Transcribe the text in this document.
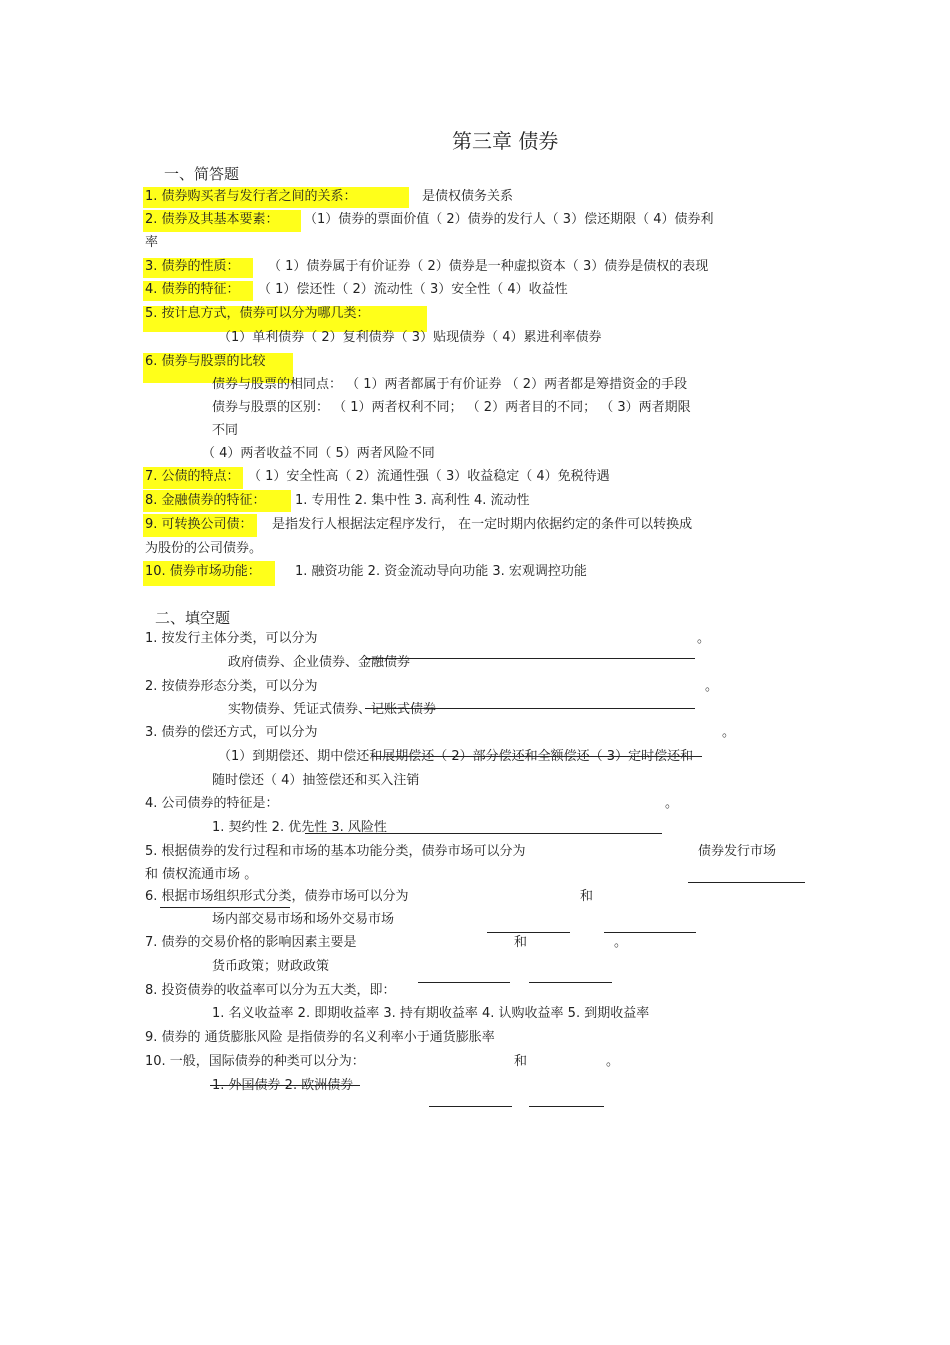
第三章 债券
一、简答题
1. 债券购买者与发行者之间的关系：	是债权债务关系
2. 债券及其基本要素： （1）债券的票面价值（ 2）债券的发行人（ 3）偿还期限（ 4）债券利
率
3. 债券的性质： （ 1）债券属于有价证券（ 2）债券是一种虚拟资本（ 3）债券是债权的表现
4. 债券的特征： （ 1）偿还性（ 2）流动性（ 3）安全性（ 4）收益性
5. 按计息方式，债券可以分为哪几类：
（1）单利债券（ 2）复利债券（ 3）贴现债券（ 4）累进利率债券
6. 债券与股票的比较
债券与股票的相同点： （ 1）两者都属于有价证券 （ 2）两者都是筹措资金的手段
债券与股票的区别： （ 1）两者权利不同； （ 2）两者目的不同； （ 3）两者期限
不同
（ 4）两者收益不同（ 5）两者风险不同
7. 公债的特点： （ 1）安全性高（ 2）流通性强（ 3）收益稳定（ 4）免税待遇
8. 金融债券的特征： 1. 专用性 2. 集中性 3. 高利性 4. 流动性
9. 可转换公司债： 是指发行人根据法定程序发行， 在一定时期内依据约定的条件可以转换成
为股份的公司债券。
10. 债券市场功能：	1. 融资功能 2. 资金流动导向功能 3. 宏观调控功能
二、填空题
1. 按发行主体分类，可以分为	。
政府债券、企业债券、金融债券
2. 按债券形态分类，可以分为	。
实物债券、凭证式债券、记账式债券
3. 债券的偿还方式，可以分为	。
（1）到期偿还、期中偿还和展期偿还（ 2）部分偿还和全额偿还（ 3）定时偿还和
随时偿还（ 4）抽签偿还和买入注销
4. 公司债券的特征是：	。
1. 契约性 2. 优先性 3. 风险性
5. 根据债券的发行过程和市场的基本功能分类，债券市场可以分为	债券发行市场
和 债权流通市场 。
6. 根据市场组织形式分类，债券市场可以分为	和
场内部交易市场和场外交易市场
7. 债券的交易价格的影响因素主要是	和	。
货币政策；财政政策
8. 投资债券的收益率可以分为五大类，即：
1. 名义收益率 2. 即期收益率 3. 持有期收益率 4. 认购收益率 5. 到期收益率
9. 债券的 通货膨胀风险 是指债券的名义利率小于通货膨胀率
10. 一般，国际债券的种类可以分为：	和	。
1. 外国债券 2. 欧洲债券
